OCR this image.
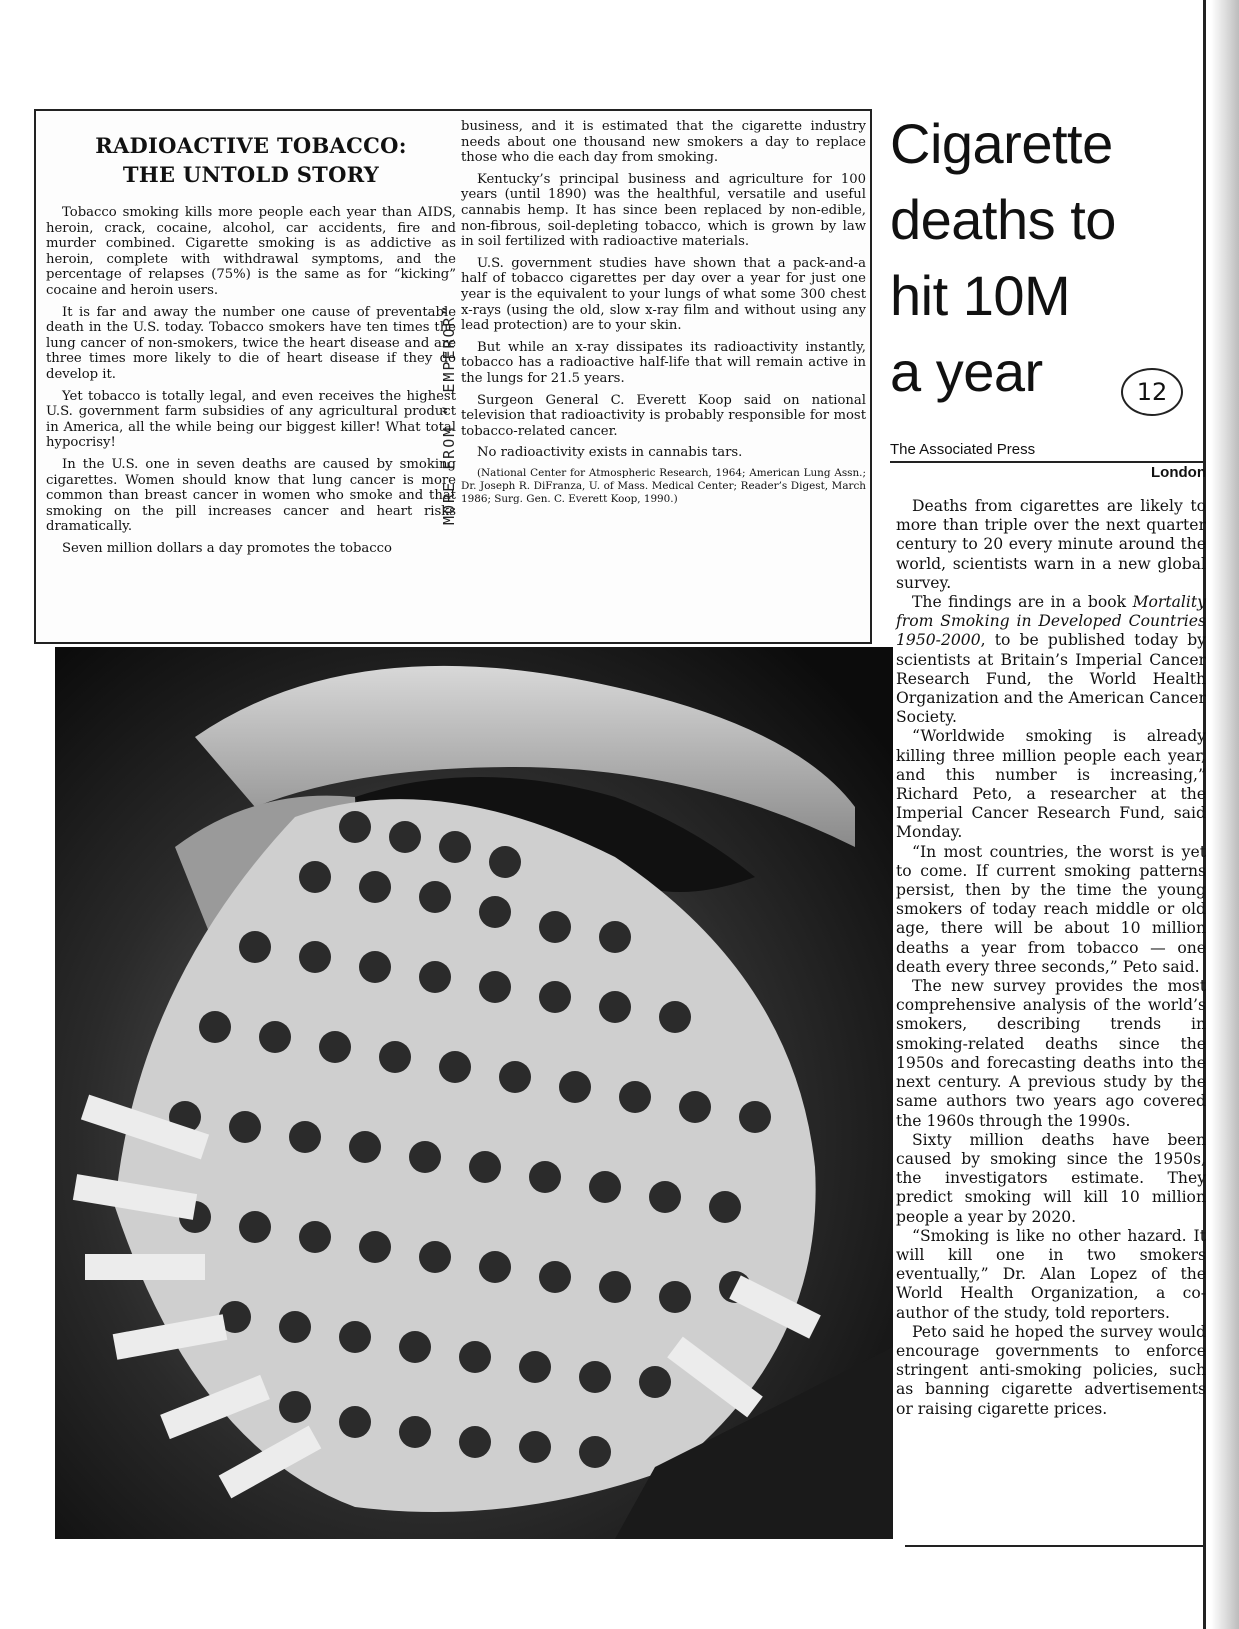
RADIOACTIVE TOBACCO:
THE UNTOLD STORY

Tobacco smoking kills more people each year than AIDS, heroin, crack, cocaine, alcohol, car accidents, fire and murder combined. Cigarette smoking is as addictive as heroin, complete with withdrawal symptoms, and the percentage of relapses (75%) is the same as for “kicking” cocaine and heroin users.

It is far and away the number one cause of preventable death in the U.S. today. Tobacco smokers have ten times the lung cancer of non-smokers, twice the heart disease and are three times more likely to die of heart disease if they do develop it.

Yet tobacco is totally legal, and even receives the highest U.S. government farm subsidies of any agricultural product in America, all the while being our biggest killer! What total hypocrisy!

In the U.S. one in seven deaths are caused by smoking cigarettes. Women should know that lung cancer is more common than breast cancer in women who smoke and that smoking on the pill increases cancer and heart risks dramatically.

Seven million dollars a day promotes the tobacco

business, and it is estimated that the cigarette industry needs about one thousand new smokers a day to replace those who die each day from smoking.

Kentucky’s principal business and agriculture for 100 years (until 1890) was the healthful, versatile and useful cannabis hemp. It has since been replaced by non-edible, non-fibrous, soil-depleting tobacco, which is grown by law in soil fertilized with radioactive materials.

U.S. government studies have shown that a pack-and-a half of tobacco cigarettes per day over a year for just one year is the equivalent to your lungs of what some 300 chest x-rays (using the old, slow x-ray film and without using any lead protection) are to your skin.

But while an x-ray dissipates its radioactivity instantly, tobacco has a radioactive half-life that will remain active in the lungs for 21.5 years.

Surgeon General C. Everett Koop said on national television that radioactivity is probably responsible for most tobacco-related cancer.

No radioactivity exists in cannabis tars.

(National Center for Atmospheric Research, 1964; American Lung Assn.; Dr. Joseph R. DiFranza, U. of Mass. Medical Center; Reader’s Digest, March 1986; Surg. Gen. C. Everett Koop, 1990.)

MORE FROM “ EMPEROR”
Cigarette
deaths to
hit 10M
a year	12
The Associated Press
London

Deaths from cigarettes are likely to more than triple over the next quarter century to 20 every minute around the world, scientists warn in a new global survey.

The findings are in a book Mortality from Smoking in Developed Countries 1950-2000, to be published today by scientists at Britain’s Imperial Cancer Research Fund, the World Health Organization and the American Cancer Society.

“Worldwide smoking is already killing three million people each year, and this number is increasing,” Richard Peto, a researcher at the Imperial Cancer Research Fund, said Monday.

“In most countries, the worst is yet to come. If current smoking patterns persist, then by the time the young smokers of today reach middle or old age, there will be about 10 million deaths a year from tobacco — one death every three seconds,” Peto said.

The new survey provides the most comprehensive analysis of the world’s smokers, describing trends in smoking-related deaths since the 1950s and forecasting deaths into the next century. A previous study by the same authors two years ago covered the 1960s through the 1990s.

Sixty million deaths have been caused by smoking since the 1950s, the investigators estimate. They predict smoking will kill 10 million people a year by 2020.

“Smoking is like no other hazard. It will kill one in two smokers eventually,” Dr. Alan Lopez of the World Health Organization, a co-author of the study, told reporters.

Peto said he hoped the survey would encourage governments to enforce stringent anti-smoking policies, such as banning cigarette advertisements or raising cigarette prices.
